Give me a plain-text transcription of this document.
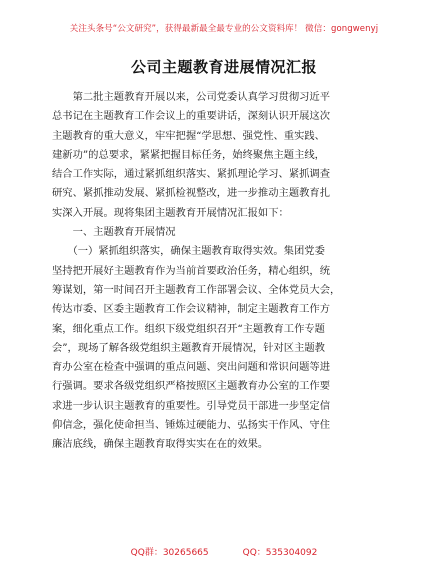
关注头条号“公文研究”，获得最新最全最专业的公文资料库！ 微信：gongwenyj
公司主题教育进展情况汇报
　　第二批主题教育开展以来，公司党委认真学习贯彻习近平
总书记在主题教育工作会议上的重要讲话，深刻认识开展这次
主题教育的重大意义，牢牢把握“学思想、强党性、重实践、
建新功”的总要求，紧紧把握目标任务，始终聚焦主题主线，
结合工作实际，通过紧抓组织落实、紧抓理论学习、紧抓调查
研究、紧抓推动发展、紧抓检视整改，进一步推动主题教育扎
实深入开展。现将集团主题教育开展情况汇报如下：
　　一、主题教育开展情况
　　（一）紧抓组织落实，确保主题教育取得实效。集团党委
坚持把开展好主题教育作为当前首要政治任务，精心组织，统
筹谋划，第一时间召开主题教育工作部署会议、全体党员大会，
传达市委、区委主题教育工作会议精神，制定主题教育工作方
案，细化重点工作。组织下级党组织召开“主题教育工作专题
会”，现场了解各级党组织主题教育开展情况，针对区主题教
育办公室在检查中强调的重点问题、突出问题和常识问题等进
行强调。要求各级党组织严格按照区主题教育办公室的工作要
求进一步认识主题教育的重要性。引导党员干部进一步坚定信
仰信念，强化使命担当、锤炼过硬能力、弘扬实干作风、守住
廉洁底线，确保主题教育取得实实在在的效果。
QQ群：30265665	QQ：535304092
